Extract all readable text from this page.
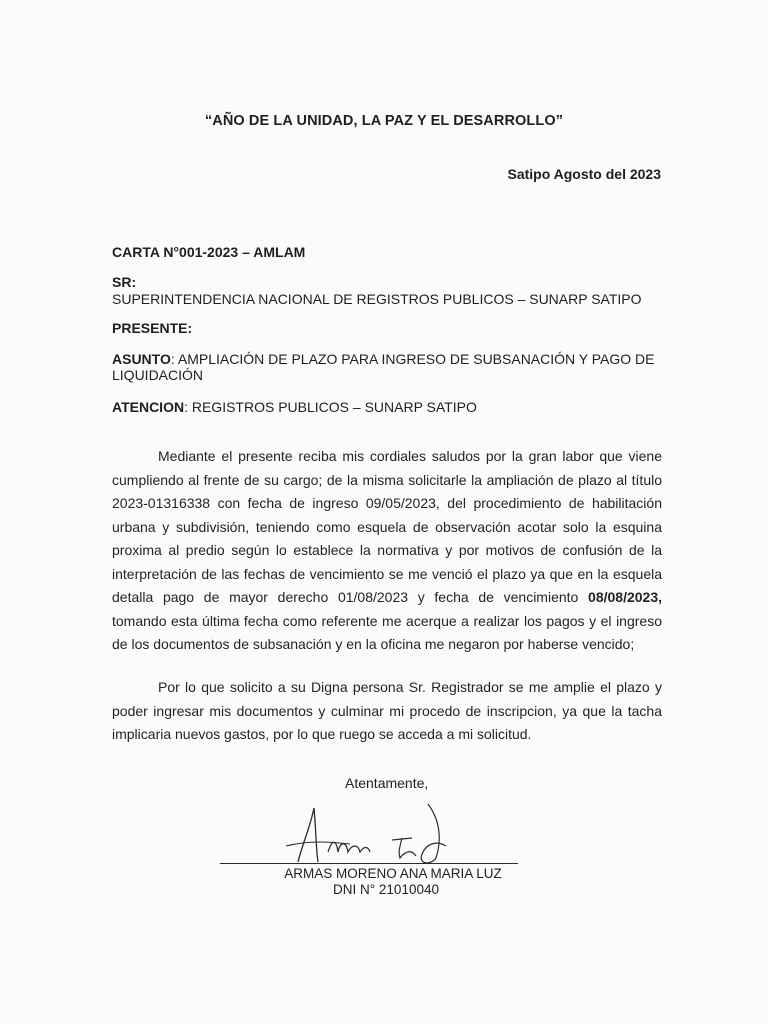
“AÑO DE LA UNIDAD, LA PAZ Y EL DESARROLLO”
Satipo Agosto del 2023
CARTA N°001-2023 – AMLAM
SR:
SUPERINTENDENCIA NACIONAL DE REGISTROS PUBLICOS – SUNARP SATIPO
PRESENTE:
ASUNTO: AMPLIACIÓN DE PLAZO PARA INGRESO DE SUBSANACIÓN Y PAGO DE LIQUIDACIÓN
ATENCION: REGISTROS PUBLICOS – SUNARP SATIPO
Mediante el presente reciba mis cordiales saludos por la gran labor que viene cumpliendo al frente de su cargo; de la misma solicitarle la ampliación de plazo al título 2023-01316338 con fecha de ingreso 09/05/2023, del procedimiento de habilitación urbana y subdivisión, teniendo como esquela de observación acotar solo la esquina proxima al predio según lo establece la normativa y por motivos de confusión de la interpretación de las fechas de vencimiento se me venció el plazo ya que en la esquela detalla pago de mayor derecho 01/08/2023 y fecha de vencimiento 08/08/2023, tomando esta última fecha como referente me acerque a realizar los pagos y el ingreso de los documentos de subsanación y en la oficina me negaron por haberse vencido;
Por lo que solicito a su Digna persona Sr. Registrador se me amplie el plazo y poder ingresar mis documentos y culminar mi procedo de inscripcion, ya que la tacha implicaria nuevos gastos, por lo que ruego se acceda a mi solicitud.
Atentamente,
ARMAS MORENO ANA MARIA LUZ
DNI N° 21010040
